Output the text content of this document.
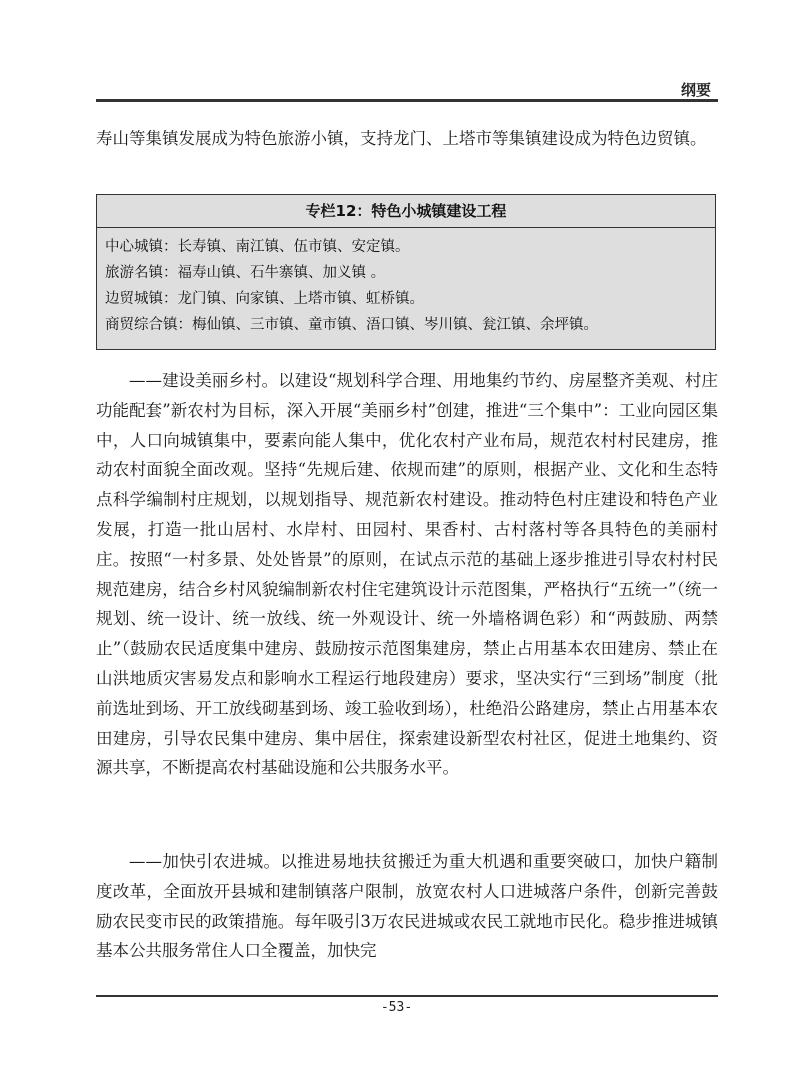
纲要

寿山等集镇发展成为特色旅游小镇，支持龙门、上塔市等集镇建设成为特色边贸镇。

专栏12：特色小城镇建设工程
中心城镇：长寿镇、南江镇、伍市镇、安定镇。
旅游名镇：福寿山镇、石牛寨镇、加义镇 。
边贸城镇：龙门镇、向家镇、上塔市镇、虹桥镇。
商贸综合镇：梅仙镇、三市镇、童市镇、浯口镇、岑川镇、瓮江镇、余坪镇。

——建设美丽乡村。以建设“规划科学合理、用地集约节约、房屋整齐美观、村庄功能配套”新农村为目标，深入开展“美丽乡村”创建，推进“三个集中”：工业向园区集中，人口向城镇集中，要素向能人集中，优化农村产业布局，规范农村村民建房，推动农村面貌全面改观。坚持“先规后建、依规而建”的原则，根据产业、文化和生态特点科学编制村庄规划，以规划指导、规范新农村建设。推动特色村庄建设和特色产业发展，打造一批山居村、水岸村、田园村、果香村、古村落村等各具特色的美丽村庄。按照“一村多景、处处皆景”的原则，在试点示范的基础上逐步推进引导农村村民规范建房，结合乡村风貌编制新农村住宅建筑设计示范图集，严格执行“五统一”（统一规划、统一设计、统一放线、统一外观设计、统一外墙格调色彩）和“两鼓励、两禁止”（鼓励农民适度集中建房、鼓励按示范图集建房，禁止占用基本农田建房、禁止在山洪地质灾害易发点和影响水工程运行地段建房）要求，坚决实行“三到场”制度（批前选址到场、开工放线砌基到场、竣工验收到场），杜绝沿公路建房，禁止占用基本农田建房，引导农民集中建房、集中居住，探索建设新型农村社区，促进土地集约、资源共享，不断提高农村基础设施和公共服务水平。

——加快引农进城。以推进易地扶贫搬迁为重大机遇和重要突破口，加快户籍制度改革，全面放开县城和建制镇落户限制，放宽农村人口进城落户条件，创新完善鼓励农民变市民的政策措施。每年吸引3万农民进城或农民工就地市民化。稳步推进城镇基本公共服务常住人口全覆盖，加快完

-53-
